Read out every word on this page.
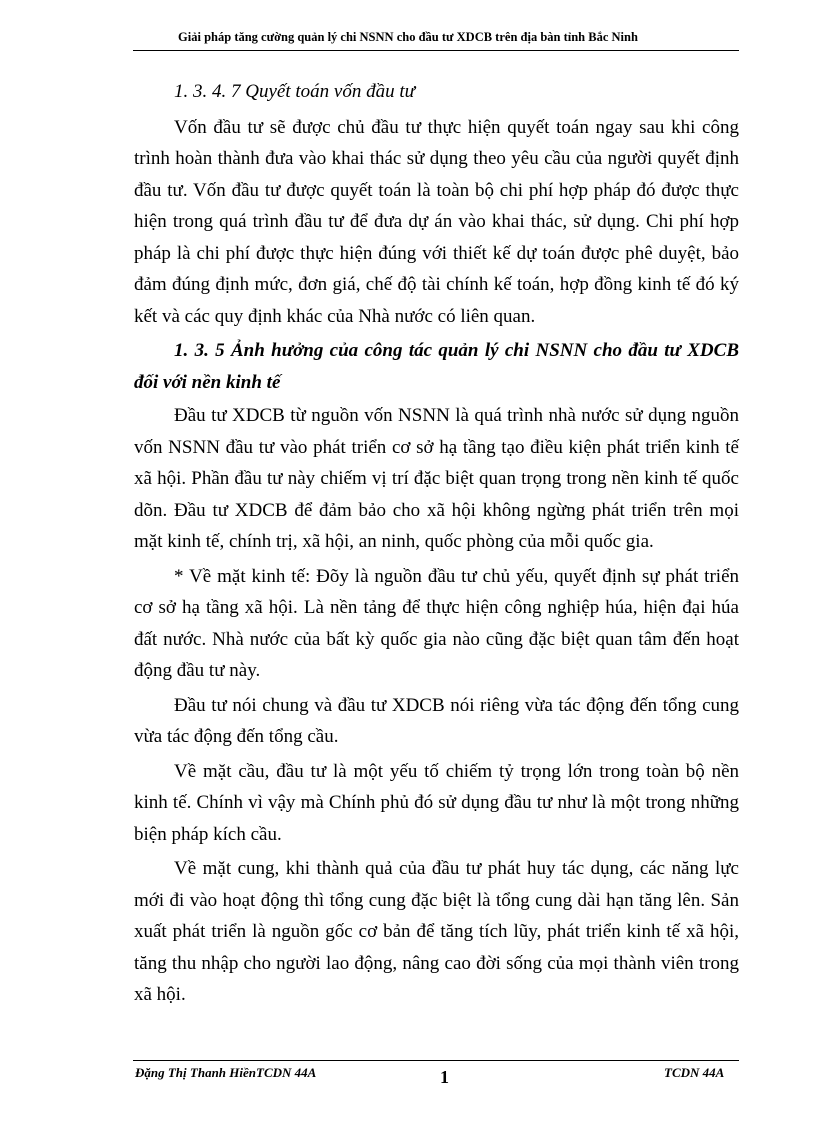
Giải pháp tăng cường quản lý chi NSNN cho đầu tư XDCB trên địa bàn tỉnh Bắc Ninh

1. 3. 4. 7 Quyết toán vốn đầu tư

Vốn đầu tư sẽ được chủ đầu tư thực hiện quyết toán ngay sau khi công trình hoàn thành đưa vào khai thác sử dụng theo yêu cầu của người quyết định đầu tư. Vốn đầu tư được quyết toán là toàn bộ chi phí hợp pháp đó được thực hiện trong quá trình đầu tư để đưa dự án vào khai thác, sử dụng. Chi phí hợp pháp là chi phí được thực hiện đúng với thiết kế dự toán được phê duyệt, bảo đảm đúng định mức, đơn giá, chế độ tài chính kế toán, hợp đồng kinh tế đó ký kết và các quy định khác của Nhà nước có liên quan.

1. 3. 5 Ảnh hưởng của công tác quản lý chi NSNN cho đầu tư XDCB đối với nền kinh tế

Đầu tư XDCB từ nguồn vốn NSNN là quá trình nhà nước sử dụng nguồn vốn NSNN đầu tư vào phát triển cơ sở hạ tầng tạo điều kiện phát triển kinh tế xã hội. Phần đầu tư này chiếm vị trí đặc biệt quan trọng trong nền kinh tế quốc dõn. Đầu tư XDCB để đảm bảo cho xã hội không ngừng phát triển trên mọi mặt kinh tế, chính trị, xã hội, an ninh, quốc phòng của mỗi quốc gia.

* Về mặt kinh tế: Đõy là nguồn đầu tư chủ yếu, quyết định sự phát triển cơ sở hạ tầng xã hội. Là nền tảng để thực hiện công nghiệp húa, hiện đại húa đất nước. Nhà nước của bất kỳ quốc gia nào cũng đặc biệt quan tâm đến hoạt động đầu tư này.

Đầu tư nói chung và đầu tư XDCB nói riêng vừa tác động đến tổng cung vừa tác động đến tổng cầu.

Về mặt cầu, đầu tư là một yếu tố chiếm tỷ trọng lớn trong toàn bộ nền kinh tế. Chính vì vậy mà Chính phủ đó sử dụng đầu tư như là một trong những biện pháp kích cầu.

Về mặt cung, khi thành quả của đầu tư phát huy tác dụng, các năng lực mới đi vào hoạt động thì tổng cung đặc biệt là tổng cung dài hạn tăng lên. Sản xuất phát triển là nguồn gốc cơ bản để tăng tích lũy, phát triển kinh tế xã hội, tăng thu nhập cho người lao động, nâng cao đời sống của mọi thành viên trong xã hội.

Đặng Thị Thanh HiềnTCDN 44A	1	TCDN 44A
